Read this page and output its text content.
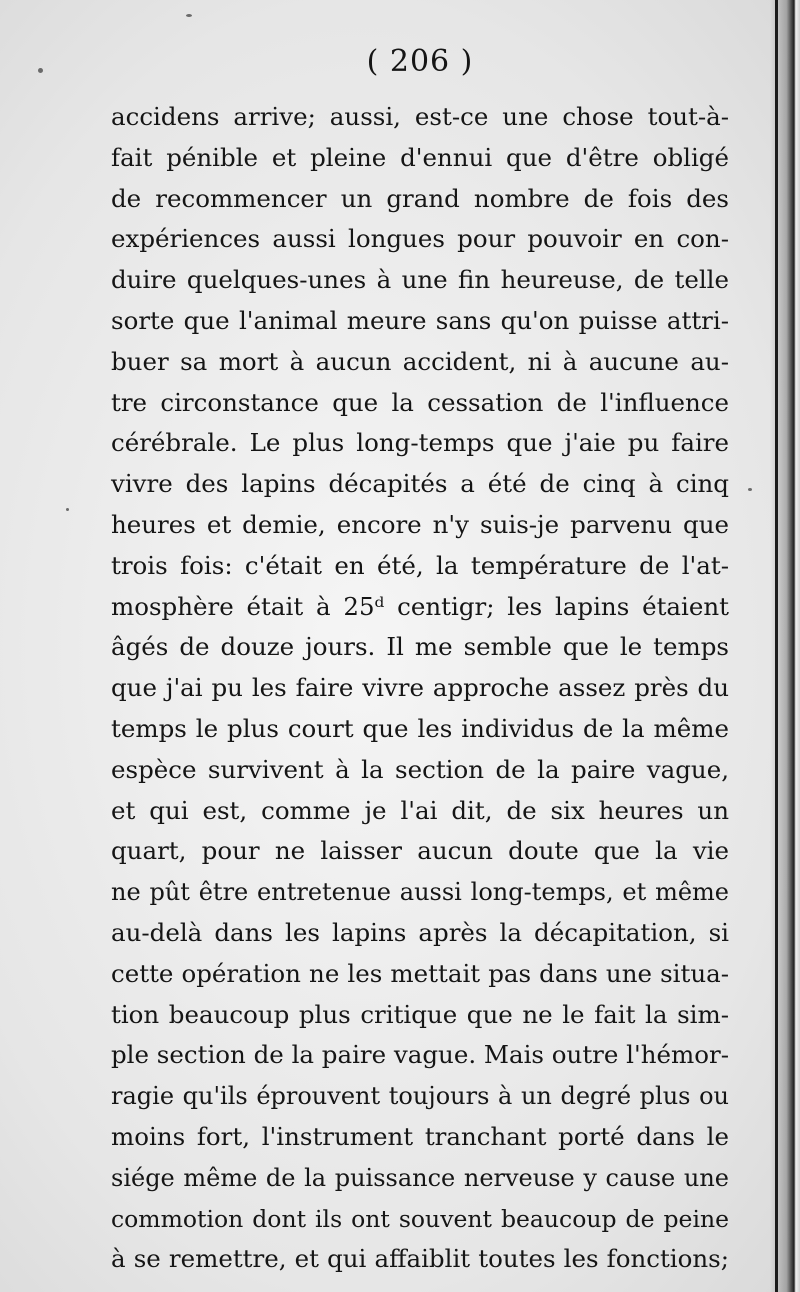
( 206 )
accidens arrive; aussi, est-ce une chose tout-à-
fait pénible et pleine d'ennui que d'être obligé
de recommencer un grand nombre de fois des
expériences aussi longues pour pouvoir en con-
duire quelques-unes à une fin heureuse, de telle
sorte que l'animal meure sans qu'on puisse attri-
buer sa mort à aucun accident, ni à aucune au-
tre circonstance que la cessation de l'influence
cérébrale. Le plus long-temps que j'aie pu faire
vivre des lapins décapités a été de cinq à cinq
heures et demie, encore n'y suis-je parvenu que
trois fois: c'était en été, la température de l'at-
mosphère était à 25ᵈ centigr; les lapins étaient
âgés de douze jours. Il me semble que le temps
que j'ai pu les faire vivre approche assez près du
temps le plus court que les individus de la même
espèce survivent à la section de la paire vague,
et qui est, comme je l'ai dit, de six heures un
quart, pour ne laisser aucun doute que la vie
ne pût être entretenue aussi long-temps, et même
au-delà dans les lapins après la décapitation, si
cette opération ne les mettait pas dans une situa-
tion beaucoup plus critique que ne le fait la sim-
ple section de la paire vague. Mais outre l'hémor-
ragie qu'ils éprouvent toujours à un degré plus ou
moins fort, l'instrument tranchant porté dans le
siége même de la puissance nerveuse y cause une
commotion dont ils ont souvent beaucoup de peine
à se remettre, et qui affaiblit toutes les fonctions;
